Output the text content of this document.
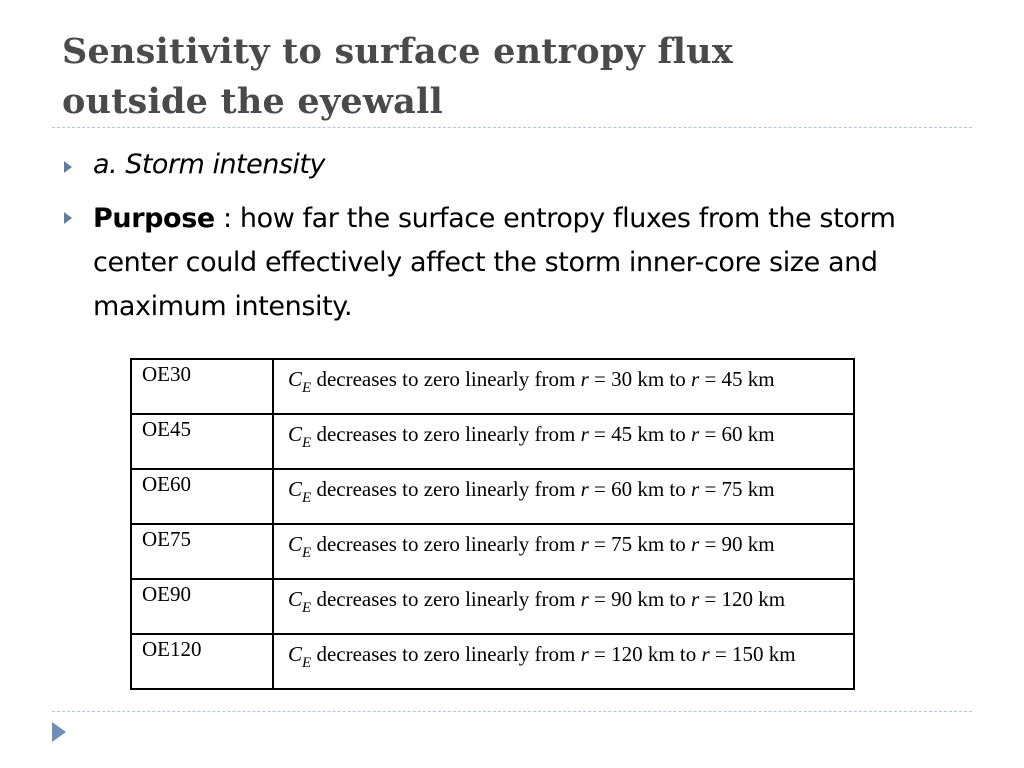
Sensitivity to surface entropy flux
outside the eyewall
a. Storm intensity
Purpose : how far the surface entropy fluxes from the storm center could effectively affect the storm inner-core size and maximum intensity.
OE30	$C_E$ decreases to zero linearly from r = 30 km to r = 45 km
OE45	$C_E$ decreases to zero linearly from r = 45 km to r = 60 km
OE60	$C_E$ decreases to zero linearly from r = 60 km to r = 75 km
OE75	$C_E$ decreases to zero linearly from r = 75 km to r = 90 km
OE90	$C_E$ decreases to zero linearly from r = 90 km to r = 120 km
OE120	$C_E$ decreases to zero linearly from r = 120 km to r = 150 km
